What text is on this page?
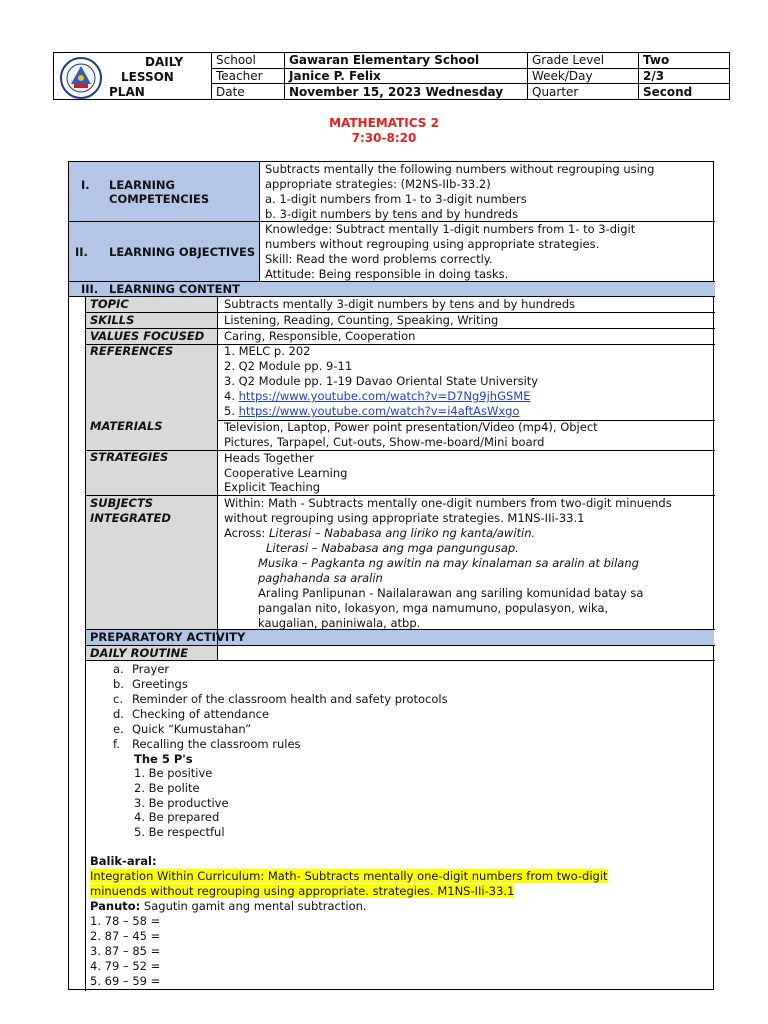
DAILY
LESSON
PLAN	School	Gawaran Elementary School	Grade Level	Two
	Teacher	Janice P. Felix	Week/Day	2/3
	Date	November 15, 2023 Wednesday	Quarter	Second
MATHEMATICS 2
7:30-8:20
I. LEARNING
COMPETENCIES
Subtracts mentally the following numbers without regrouping using
appropriate strategies: (M2NS-IIb-33.2)
a. 1-digit numbers from 1- to 3-digit numbers
b. 3-digit numbers by tens and by hundreds
II. LEARNING OBJECTIVES
Knowledge: Subtract mentally 1-digit numbers from 1- to 3-digit
numbers without regrouping using appropriate strategies.
Skill: Read the word problems correctly.
Attitude: Being responsible in doing tasks.
III. LEARNING CONTENT
TOPIC	Subtracts mentally 3-digit numbers by tens and by hundreds
SKILLS	Listening, Reading, Counting, Speaking, Writing
VALUES FOCUSED Caring, Responsible, Cooperation
REFERENCES	1. MELC p. 202
2. Q2 Module pp. 9-11
3. Q2 Module pp. 1-19 Davao Oriental State University
4. https://www.youtube.com/watch?v=D7Ng9jhGSME
5. https://www.youtube.com/watch?v=i4aftAsWxgo
MATERIALS	Television, Laptop, Power point presentation/Video (mp4), Object
Pictures, Tarpapel, Cut-outs, Show-me-board/Mini board
STRATEGIES	Heads Together
Cooperative Learning
Explicit Teaching
SUBJECTS
INTEGRATED
Within: Math - Subtracts mentally one-digit numbers from two-digit minuends
without regrouping using appropriate strategies. M1NS-IIi-33.1
Across: Literasi – Nababasa ang liriko ng kanta/awitin.
Literasi – Nababasa ang mga pangungusap.
Musika – Pagkanta ng awitin na may kinalaman sa aralin at bilang
paghahanda sa aralin
Araling Panlipunan - Nailalarawan ang sariling komunidad batay sa
pangalan nito, lokasyon, mga namumuno, populasyon, wika,
kaugalian, paniniwala, atbp.
PREPARATORY ACTIVITY
DAILY ROUTINE
a. Prayer
b. Greetings
c. Reminder of the classroom health and safety protocols
d. Checking of attendance
e. Quick “Kumustahan”
f. Recalling the classroom rules
The 5 P's
1. Be positive
2. Be polite
3. Be productive
4. Be prepared
5. Be respectful
Balik-aral:
Integration Within Curriculum: Math- Subtracts mentally one-digit numbers from two-digit
minuends without regrouping using appropriate. strategies. M1NS-IIi-33.1
Panuto: Sagutin gamit ang mental subtraction.
1. 78 – 58 =
2. 87 – 45 =
3. 87 – 85 =
4. 79 – 52 =
5. 69 – 59 =
